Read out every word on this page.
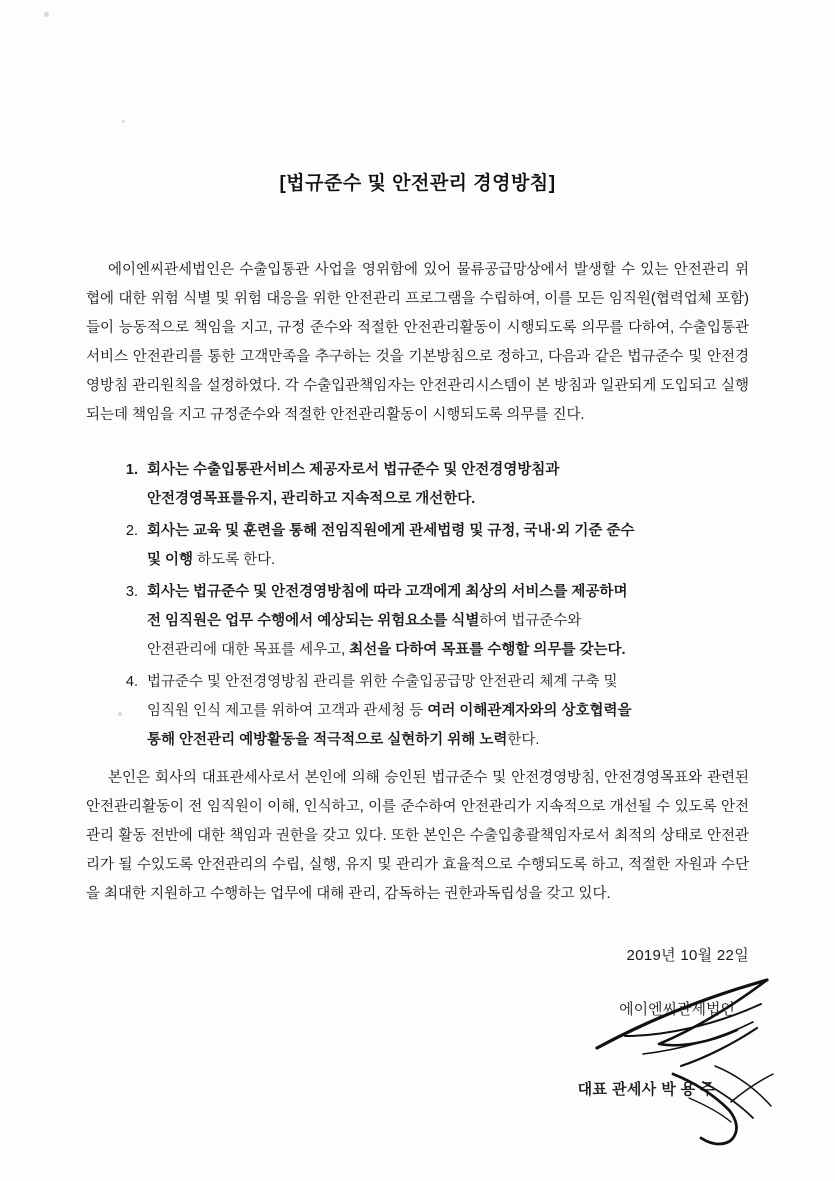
[법규준수 및 안전관리 경영방침]
에이엔씨관세법인은 수출입통관 사업을 영위함에 있어 물류공급망상에서 발생할 수 있는 안전관리 위협에 대한 위험 식별 및 위험 대응을 위한 안전관리 프로그램을 수립하여, 이를 모든 임직원(협력업체 포함)들이 능동적으로 책임을 지고, 규정 준수와 적절한 안전관리활동이 시행되도록 의무를 다하여, 수출입통관서비스 안전관리를 통한 고객만족을 추구하는 것을 기본방침으로 정하고, 다음과 같은 법규준수 및 안전경영방침 관리원칙을 설정하였다. 각 수출입관책임자는 안전관리시스템이 본 방침과 일관되게 도입되고 실행되는데 책임을 지고 규정준수와 적절한 안전관리활동이 시행되도록 의무를 진다.
1. 회사는 수출입통관서비스 제공자로서 법규준수 및 안전경영방침과
안전경영목표를유지, 관리하고 지속적으로 개선한다.
2. 회사는 교육 및 훈련을 통해 전임직원에게 관세법령 및 규정, 국내·외 기준 준수
및 이행 하도록 한다.
3. 회사는 법규준수 및 안전경영방침에 따라 고객에게 최상의 서비스를 제공하며
전 임직원은 업무 수행에서 예상되는 위험요소를 식별하여 법규준수와
안젼관리에 대한 목표를 세우고, 최선을 다하여 목표를 수행할 의무를 갖는다.
4. 법규준수 및 안전경영방침 관리를 위한 수출입공급망 안전관리 체계 구축 및
임직원 인식 제고를 위하여 고객과 관세청 등 여러 이해관계자와의 상호협력을
통해 안전관리 예방활동을 적극적으로 실현하기 위해 노력한다.
본인은 회사의 대표관세사로서 본인에 의해 승인된 법규준수 및 안전경영방침, 안전경영목표와 관련된 안전관리활동이 전 임직원이 이해, 인식하고, 이를 준수하여 안전관리가 지속적으로 개선될 수 있도록 안전관리 활동 전반에 대한 책임과 권한을 갖고 있다. 또한 본인은 수출입총괄책임자로서 최적의 상태로 안전관리가 될 수있도록 안전관리의 수립, 실행, 유지 및 관리가 효율적으로 수행되도록 하고, 적절한 자원과 수단을 최대한 지원하고 수행하는 업무에 대해 관리, 감독하는 권한과독립성을 갖고 있다.
2019년 10월 22일
에이엔씨관세법인
대표 관세사 박 용 주
